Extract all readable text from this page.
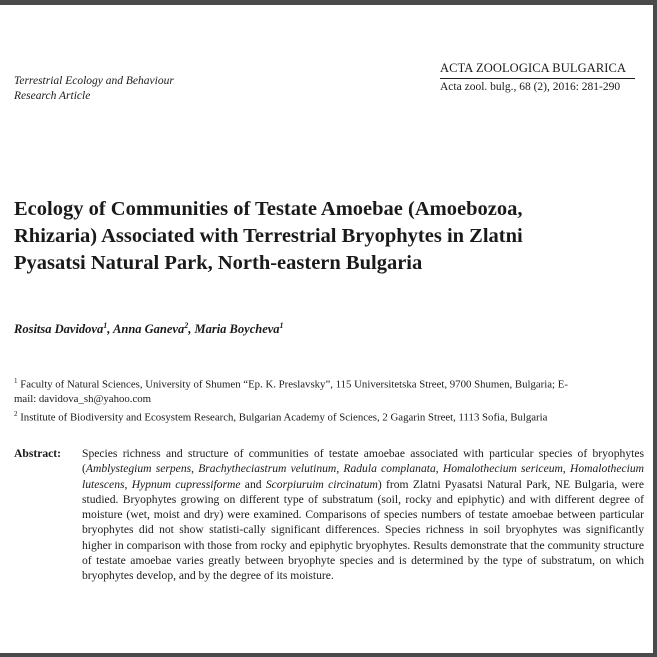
Terrestrial Ecology and Behaviour
Research Article
ACTA ZOOLOGICA BULGARICA
Acta zool. bulg., 68 (2), 2016: 281-290
Ecology of Communities of Testate Amoebae (Amoebozoa,
Rhizaria) Associated with Terrestrial Bryophytes in Zlatni
Pyasatsi Natural Park, North-eastern Bulgaria
Rositsa Davidova$^1$, Anna Ganeva$^2$, Maria Boycheva$^1$

$^1$ Faculty of Natural Sciences, University of Shumen “Ep. K. Preslavsky”, 115 Universitetska Street, 9700 Shumen, Bulgaria; E-
mail: davidova_sh@yahoo.com

$^2$ Institute of Biodiversity and Ecosystem Research, Bulgarian Academy of Sciences, 2 Gagarin Street, 1113 Sofia, Bulgaria

Abstract: Species richness and structure of communities of testate amoebae associated with particular species of bryophytes (Amblystegium serpens, Brachytheciastrum velutinum, Radula complanata, Homalothecium sericeum, Homalothecium lutescens, Hypnum cupressiforme and Scorpiuruim circinatum) from Zlatni Pyasatsi Natural Park, NE Bulgaria, were studied. Bryophytes growing on different type of substratum (soil, rocky and epiphytic) and with different degree of moisture (wet, moist and dry) were examined. Comparisons of species numbers of testate amoebae between particular bryophytes did not show statisti-cally significant differences. Species richness in soil bryophytes was significantly higher in comparison with those from rocky and epiphytic bryophytes. Results demonstrate that the community structure of testate amoebae varies greatly between bryophyte species and is determined by the type of substratum, on which bryophytes develop, and by the degree of its moisture.
